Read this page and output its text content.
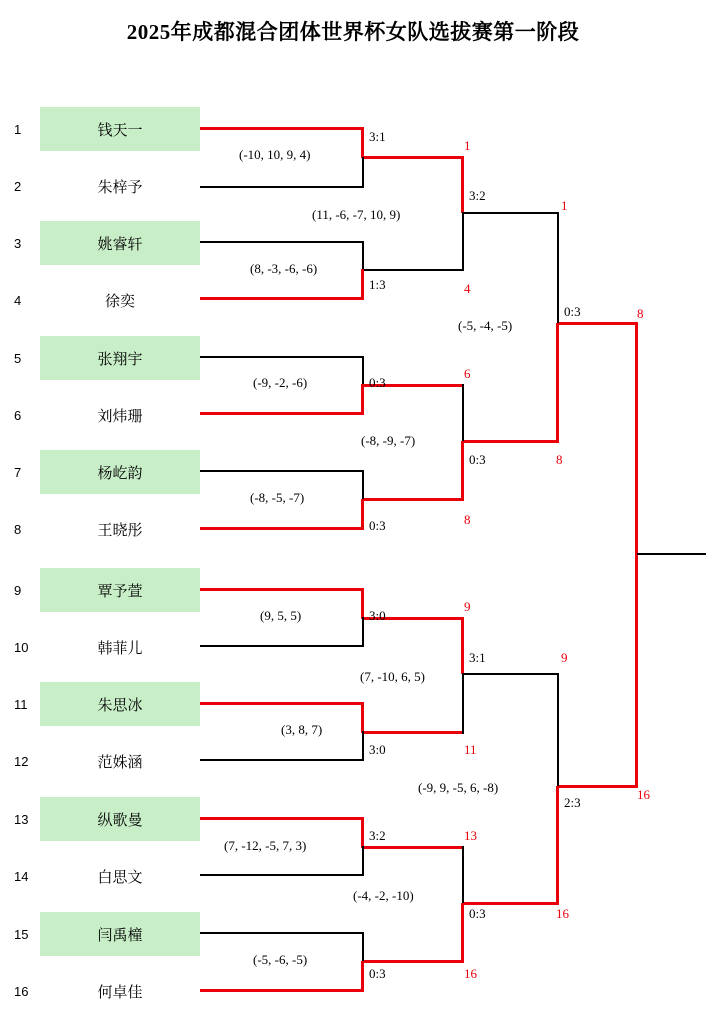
2025年成都混合团体世界杯女队选拔赛第一阶段
1
2
3
4
5
6
7
8
9
10
11
12
13
14
15
16
钱天一
朱梓予
姚睿轩
徐奕
张翔宇
刘炜珊
杨屹韵
王晓彤
覃予萱
韩菲儿
朱思冰
范姝涵
纵歌曼
白思文
闫禹橦
何卓佳
3:1
(-10, 10, 9, 4)
1
1:3
(8, -3, -6, -6)
4
0:3
(-9, -2, -6)
6
0:3
(-8, -5, -7)
8
3:0
(9, 5, 5)
9
3:0
(3, 8, 7)
11
3:2
(7, -12, -5, 7, 3)
13
0:3
(-5, -6, -5)
16
3:2
(11, -6, -7, 10, 9)
1
0:3
(-8, -9, -7)
8
3:1
(7, -10, 6, 5)
9
0:3
(-4, -2, -10)
16
0:3
(-5, -4, -5)
8
2:3
(-9, 9, -5, 6, -8)	16
